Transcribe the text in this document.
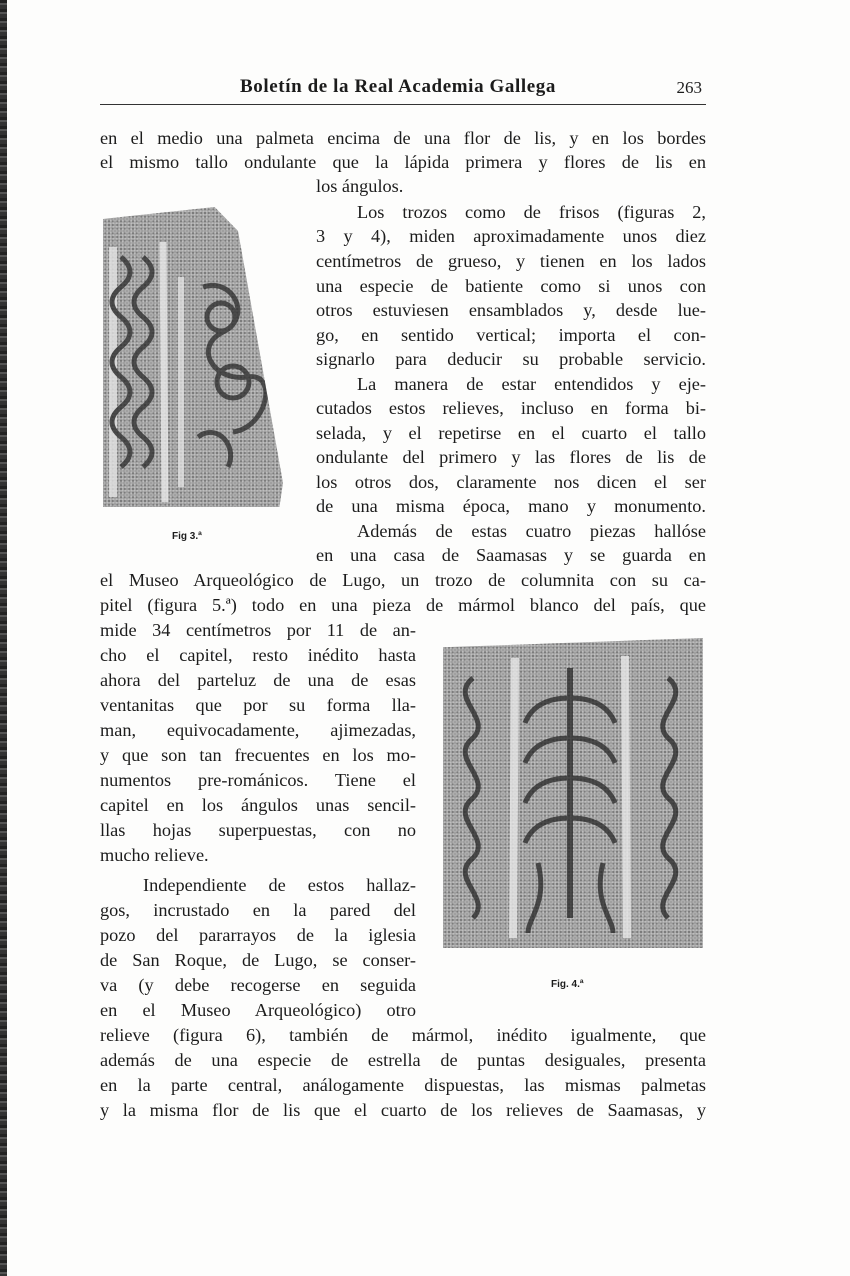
Boletín de la Real Academia Gallega	263
en el medio una palmeta encima de una flor de lis, y en los bordes
el mismo tallo ondulante que la lápida primera y flores de lis en
los ángulos.
Los trozos como de frisos (figuras 2,
3 y 4), miden aproximadamente unos diez
centímetros de grueso, y tienen en los lados
una especie de batiente como si unos con
otros estuviesen ensamblados y, desde lue-
go, en sentido vertical; importa el con-
signarlo para deducir su probable servicio.
La manera de estar entendidos y eje-
cutados estos relieves, incluso en forma bi-
selada, y el repetirse en el cuarto el tallo
ondulante del primero y las flores de lis de
los otros dos, claramente nos dicen el ser
de una misma época, mano y monumento.
Además de estas cuatro piezas hallóse
en una casa de Saamasas y se guarda en
el Museo Arqueológico de Lugo, un trozo de columnita con su ca-
pitel (figura 5.ª) todo en una pieza de mármol blanco del país, que
mide 34 centímetros por 11 de an-
cho el capitel, resto inédito hasta
ahora del parteluz de una de esas
ventanitas que por su forma lla-
man, equivocadamente, ajimezadas,
y que son tan frecuentes en los mo-
numentos pre-románicos. Tiene el
capitel en los ángulos unas sencil-
llas hojas superpuestas, con no
mucho relieve.
Independiente de estos hallaz-
gos, incrustado en la pared del
pozo del pararrayos de la iglesia
de San Roque, de Lugo, se conser-
va (y debe recogerse en seguida
en el Museo Arqueológico) otro
relieve (figura 6), también de mármol, inédito igualmente, que
además de una especie de estrella de puntas desiguales, presenta
en la parte central, análogamente dispuestas, las mismas palmetas
y la misma flor de lis que el cuarto de los relieves de Saamasas, y
Fig 3.ª
Fig. 4.ª
